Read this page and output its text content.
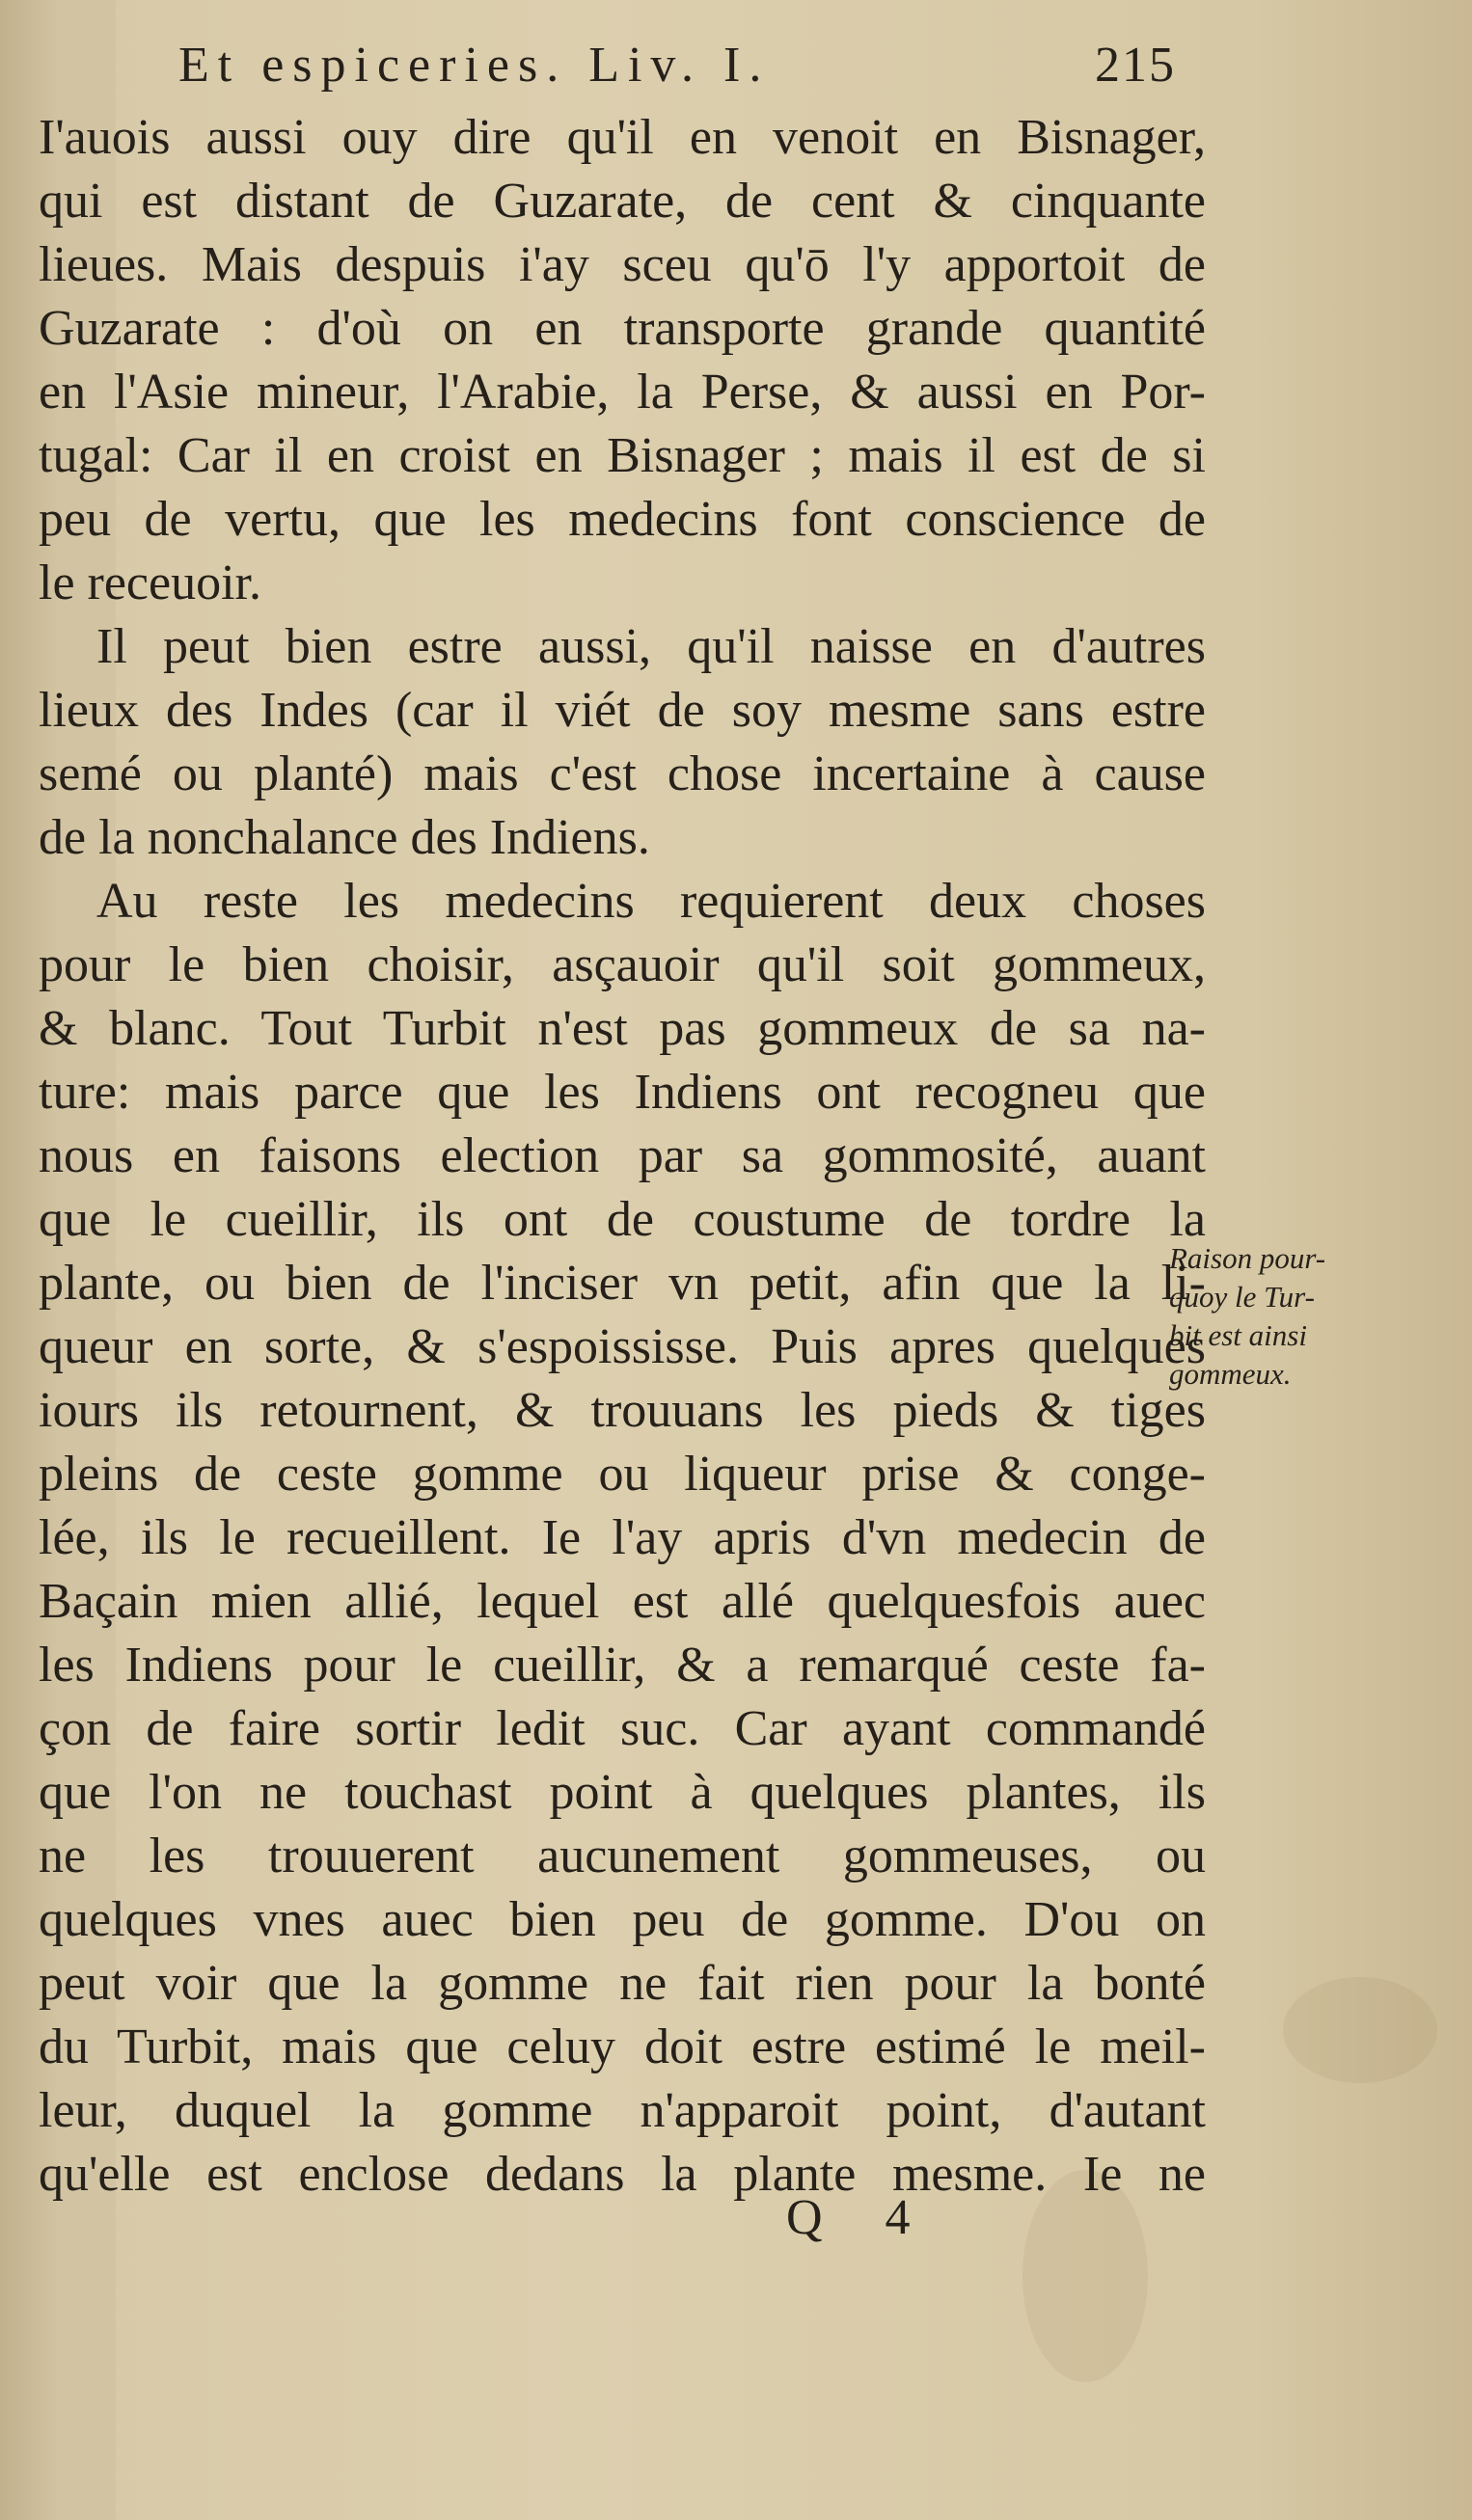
Et espiceries. Liv. I.	215
I'auois aussi ouy dire qu'il en venoit en Bisnager,
qui est distant de Guzarate, de cent & cinquante
lieues. Mais despuis i'ay sceu qu'ō l'y apportoit de
Guzarate : d'où on en transporte grande quantité
en l'Asie mineur, l'Arabie, la Perse, & aussi en Por-
tugal: Car il en croist en Bisnager ; mais il est de si
peu de vertu, que les medecins font conscience de
le receuoir.
Il peut bien estre aussi, qu'il naisse en d'autres
lieux des Indes (car il viét de soy mesme sans estre
semé ou planté) mais c'est chose incertaine à cause
de la nonchalance des Indiens.
Au reste les medecins requierent deux choses
pour le bien choisir, asçauoir qu'il soit gommeux,
& blanc. Tout Turbit n'est pas gommeux de sa na-
ture: mais parce que les Indiens ont recogneu que
nous en faisons election par sa gommosité, auant
que le cueillir, ils ont de coustume de tordre la
plante, ou bien de l'inciser vn petit, afin que la li-
queur en sorte, & s'espoississe. Puis apres quelques
iours ils retournent, & trouuans les pieds & tiges
pleins de ceste gomme ou liqueur prise & conge-
lée, ils le recueillent. Ie l'ay apris d'vn medecin de
Baçain mien allié, lequel est allé quelquesfois auec
les Indiens pour le cueillir, & a remarqué ceste fa-
çon de faire sortir ledit suc. Car ayant commandé
que l'on ne touchast point à quelques plantes, ils
ne les trouuerent aucunement gommeuses, ou
quelques vnes auec bien peu de gomme. D'ou on
peut voir que la gomme ne fait rien pour la bonté
du Turbit, mais que celuy doit estre estimé le meil-
leur, duquel la gomme n'apparoit point, d'autant
qu'elle est enclose dedans la plante mesme. Ie ne
Raison pour-
quoy le Tur-
bit est ainsi
gommeux.
Q 4
